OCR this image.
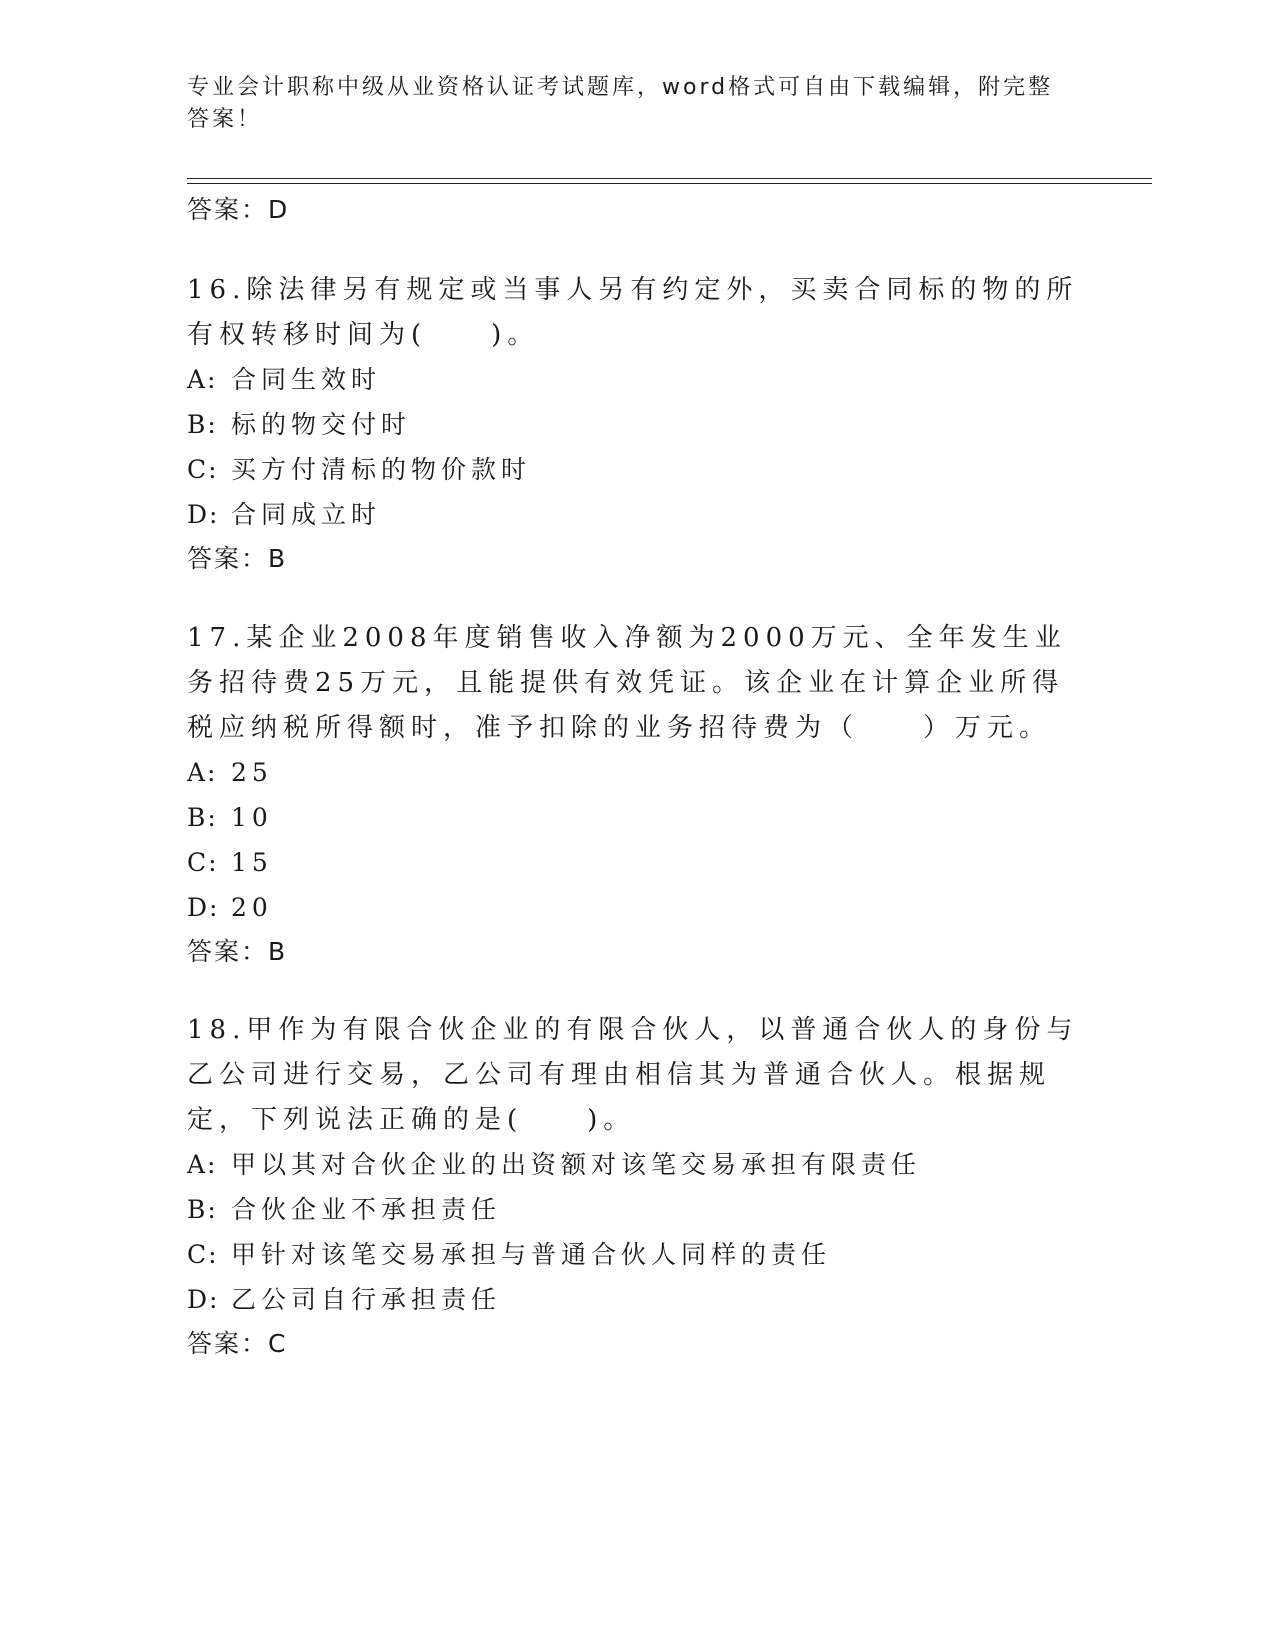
专业会计职称中级从业资格认证考试题库，word格式可自由下载编辑，附完整答案！
答案：D

16.除法律另有规定或当事人另有约定外，买卖合同标的物的所有权转移时间为(　　)。

A: 合同生效时
B: 标的物交付时
C: 买方付清标的物价款时
D: 合同成立时
答案：B

17.某企业2008年度销售收入净额为2000万元、全年发生业务招待费25万元，且能提供有效凭证。该企业在计算企业所得税应纳税所得额时，准予扣除的业务招待费为（　　）万元。

A: 25
B: 10
C: 15
D: 20
答案：B

18.甲作为有限合伙企业的有限合伙人，以普通合伙人的身份与乙公司进行交易，乙公司有理由相信其为普通合伙人。根据规定，下列说法正确的是(　　)。

A: 甲以其对合伙企业的出资额对该笔交易承担有限责任
B: 合伙企业不承担责任
C: 甲针对该笔交易承担与普通合伙人同样的责任
D: 乙公司自行承担责任
答案：C
